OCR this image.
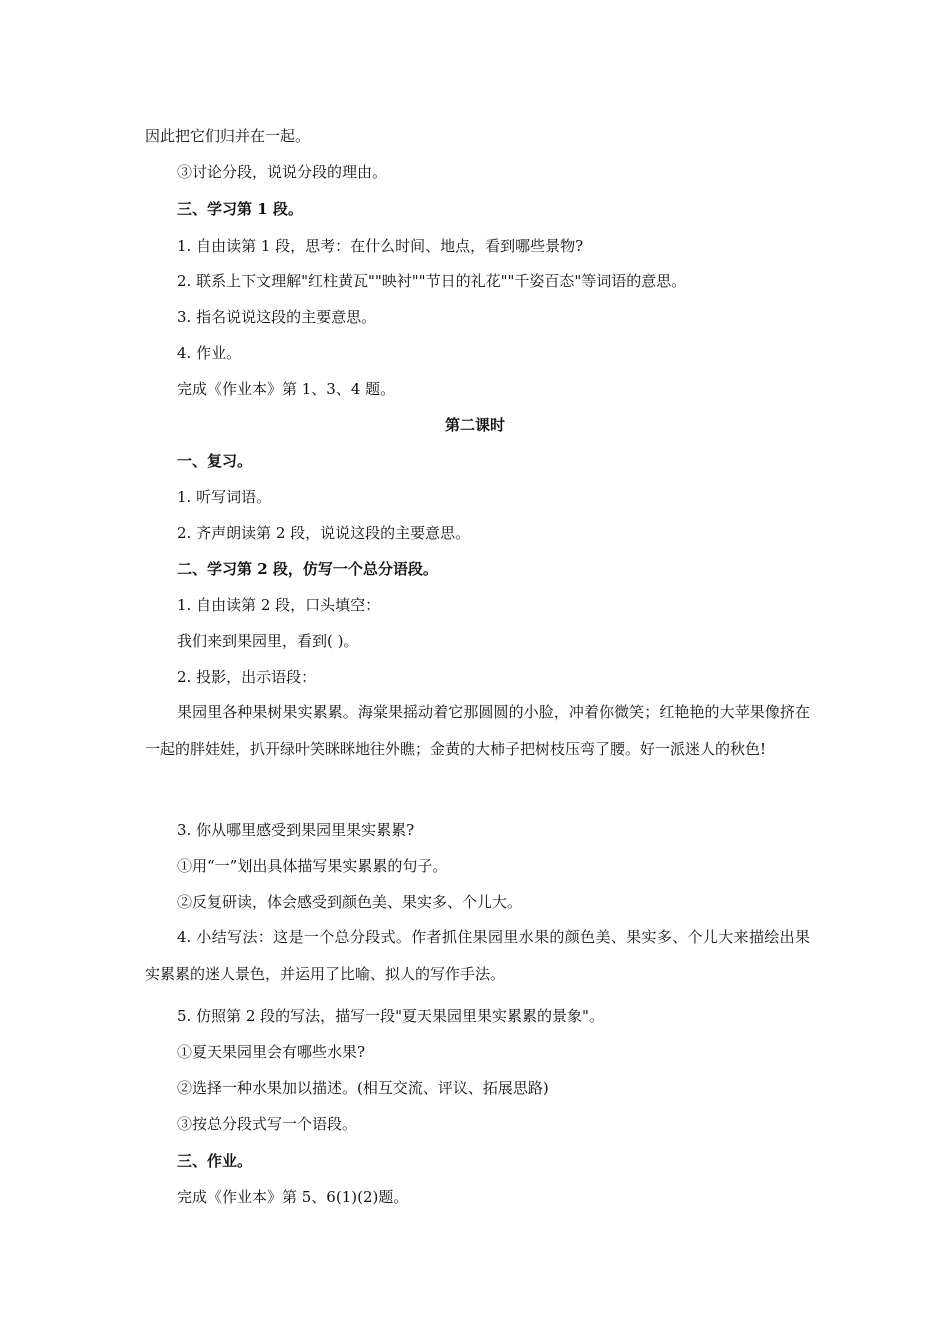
因此把它们归并在一起。
③讨论分段，说说分段的理由。
三、学习第 1 段。
1. 自由读第 1 段，思考：在什么时间、地点，看到哪些景物?
2. 联系上下文理解"红柱黄瓦""映衬""节日的礼花""千姿百态"等词语的意思。
3. 指名说说这段的主要意思。
4. 作业。
完成《作业本》第 1、3、4 题。
第二课时
一、复习。
1. 听写词语。
2. 齐声朗读第 2 段，说说这段的主要意思。
二、学习第 2 段，仿写一个总分语段。
1. 自由读第 2 段，口头填空：
我们来到果园里，看到( )。
2. 投影，出示语段：
果园里各种果树果实累累。海棠果摇动着它那圆圆的小脸，冲着你微笑；红艳艳的大苹果像挤在一起的胖娃娃，扒开绿叶笑眯眯地往外瞧；金黄的大柿子把树枝压弯了腰。好一派迷人的秋色!
3. 你从哪里感受到果园里果实累累?
①用“一”划出具体描写果实累累的句子。
②反复研读，体会感受到颜色美、果实多、个儿大。
4. 小结写法：这是一个总分段式。作者抓住果园里水果的颜色美、果实多、个儿大来描绘出果实累累的迷人景色，并运用了比喻、拟人的写作手法。
5. 仿照第 2 段的写法，描写一段"夏天果园里果实累累的景象"。
①夏天果园里会有哪些水果?
②选择一种水果加以描述。(相互交流、评议、拓展思路)
③按总分段式写一个语段。
三、作业。
完成《作业本》第 5、6(1)(2)题。
